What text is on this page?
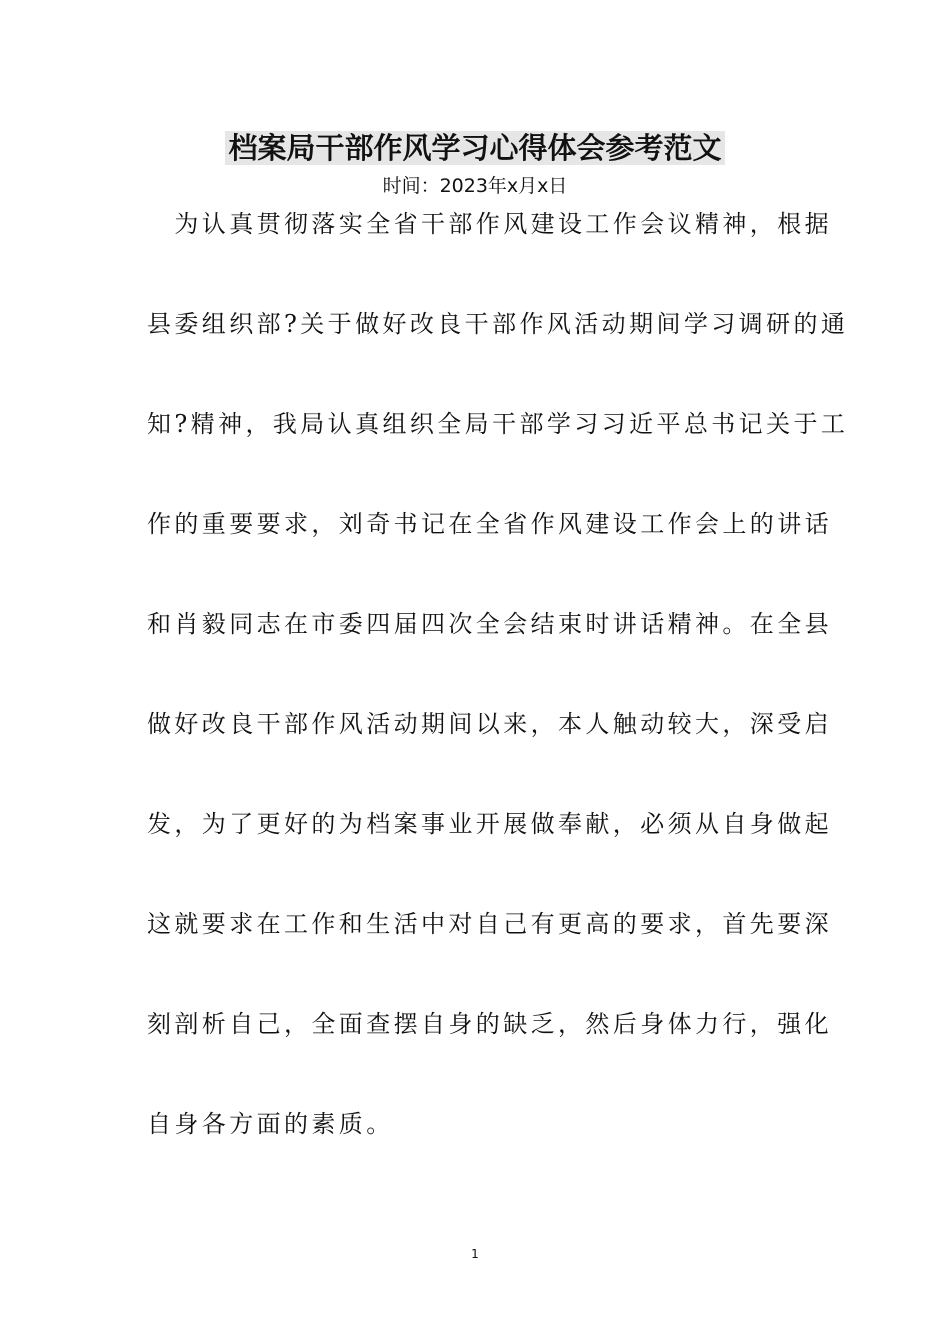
档案局干部作风学习心得体会参考范文
时间：2023年x月x日
　为认真贯彻落实全省干部作风建设工作会议精神，根据
县委组织部?关于做好改良干部作风活动期间学习调研的通
知?精神，我局认真组织全局干部学习习近平总书记关于工
作的重要要求，刘奇书记在全省作风建设工作会上的讲话
和肖毅同志在市委四届四次全会结束时讲话精神。在全县
做好改良干部作风活动期间以来，本人触动较大，深受启
发，为了更好的为档案事业开展做奉献，必须从自身做起
这就要求在工作和生活中对自己有更高的要求，首先要深
刻剖析自己，全面查摆自身的缺乏，然后身体力行，强化
自身各方面的素质。
1
